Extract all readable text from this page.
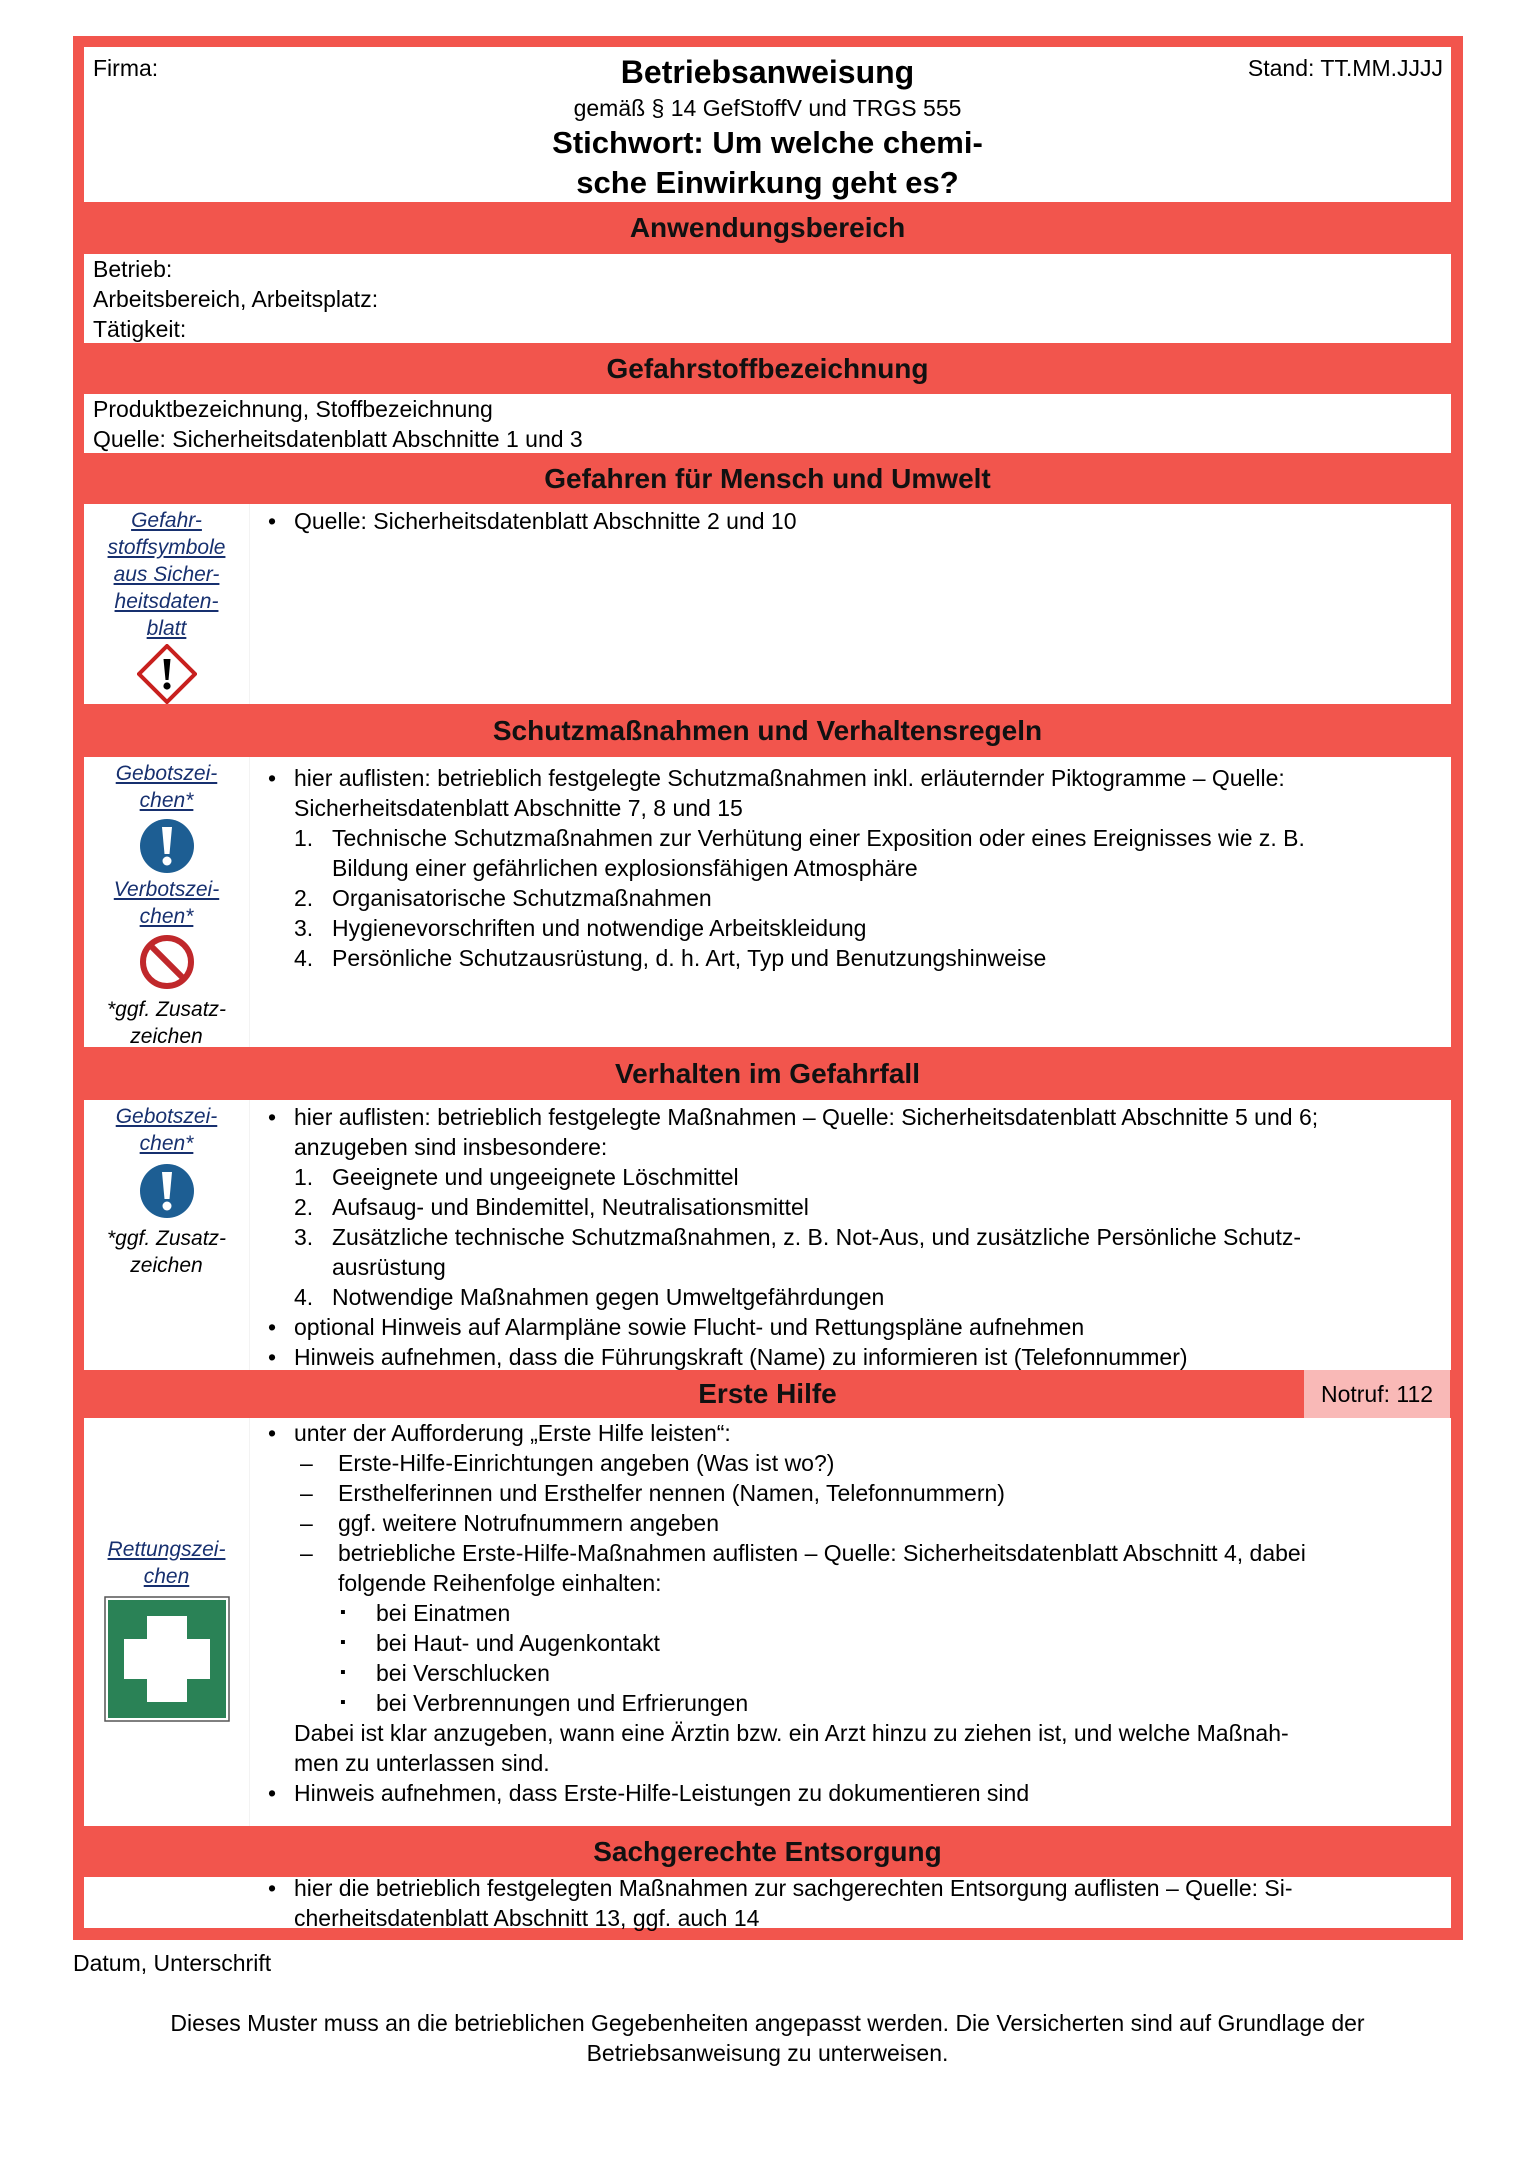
Firma:	Stand: TT.MM.JJJJ
Betriebsanweisung
gemäß § 14 GefStoffV und TRGS 555
Stichwort: Um welche chemi-
sche Einwirkung geht es?
Anwendungsbereich
Betrieb:
Arbeitsbereich, Arbeitsplatz:
Tätigkeit:
Gefahrstoffbezeichnung
Produktbezeichnung, Stoffbezeichnung
Quelle: Sicherheitsdatenblatt Abschnitte 1 und 3
Gefahren für Mensch und Umwelt
Gefahr-
stoffsymbole
aus Sicher-
heitsdaten-
blatt
• Quelle: Sicherheitsdatenblatt Abschnitte 2 und 10
Schutzmaßnahmen und Verhaltensregeln
Gebotszei-
chen*
Verbotszei-
chen*
*ggf. Zusatz-
zeichen
• hier auflisten: betrieblich festgelegte Schutzmaßnahmen inkl. erläuternder Piktogramme – Quelle:
Sicherheitsdatenblatt Abschnitte 7, 8 und 15
1. Technische Schutzmaßnahmen zur Verhütung einer Exposition oder eines Ereignisses wie z. B.
Bildung einer gefährlichen explosionsfähigen Atmosphäre
2. Organisatorische Schutzmaßnahmen
3. Hygienevorschriften und notwendige Arbeitskleidung
4. Persönliche Schutzausrüstung, d. h. Art, Typ und Benutzungshinweise
Verhalten im Gefahrfall
Gebotszei-
chen*
*ggf. Zusatz-
zeichen
• hier auflisten: betrieblich festgelegte Maßnahmen – Quelle: Sicherheitsdatenblatt Abschnitte 5 und 6;
anzugeben sind insbesondere:
1. Geeignete und ungeeignete Löschmittel
2. Aufsaug- und Bindemittel, Neutralisationsmittel
3. Zusätzliche technische Schutzmaßnahmen, z. B. Not-Aus, und zusätzliche Persönliche Schutz-
ausrüstung
4. Notwendige Maßnahmen gegen Umweltgefährdungen
• optional Hinweis auf Alarmpläne sowie Flucht- und Rettungspläne aufnehmen
• Hinweis aufnehmen, dass die Führungskraft (Name) zu informieren ist (Telefonnummer)
Erste Hilfe	Notruf: 112
Rettungszei-
chen
• unter der Aufforderung „Erste Hilfe leisten“:
– Erste-Hilfe-Einrichtungen angeben (Was ist wo?)
– Ersthelferinnen und Ersthelfer nennen (Namen, Telefonnummern)
– ggf. weitere Notrufnummern angeben
– betriebliche Erste-Hilfe-Maßnahmen auflisten – Quelle: Sicherheitsdatenblatt Abschnitt 4, dabei
folgende Reihenfolge einhalten:
▪ bei Einatmen
▪ bei Haut- und Augenkontakt
▪ bei Verschlucken
▪ bei Verbrennungen und Erfrierungen
Dabei ist klar anzugeben, wann eine Ärztin bzw. ein Arzt hinzu zu ziehen ist, und welche Maßnah-
men zu unterlassen sind.
• Hinweis aufnehmen, dass Erste-Hilfe-Leistungen zu dokumentieren sind
Sachgerechte Entsorgung
• hier die betrieblich festgelegten Maßnahmen zur sachgerechten Entsorgung auflisten – Quelle: Si-
cherheitsdatenblatt Abschnitt 13, ggf. auch 14
Datum, Unterschrift
Dieses Muster muss an die betrieblichen Gegebenheiten angepasst werden. Die Versicherten sind auf Grundlage der
Betriebsanweisung zu unterweisen.
